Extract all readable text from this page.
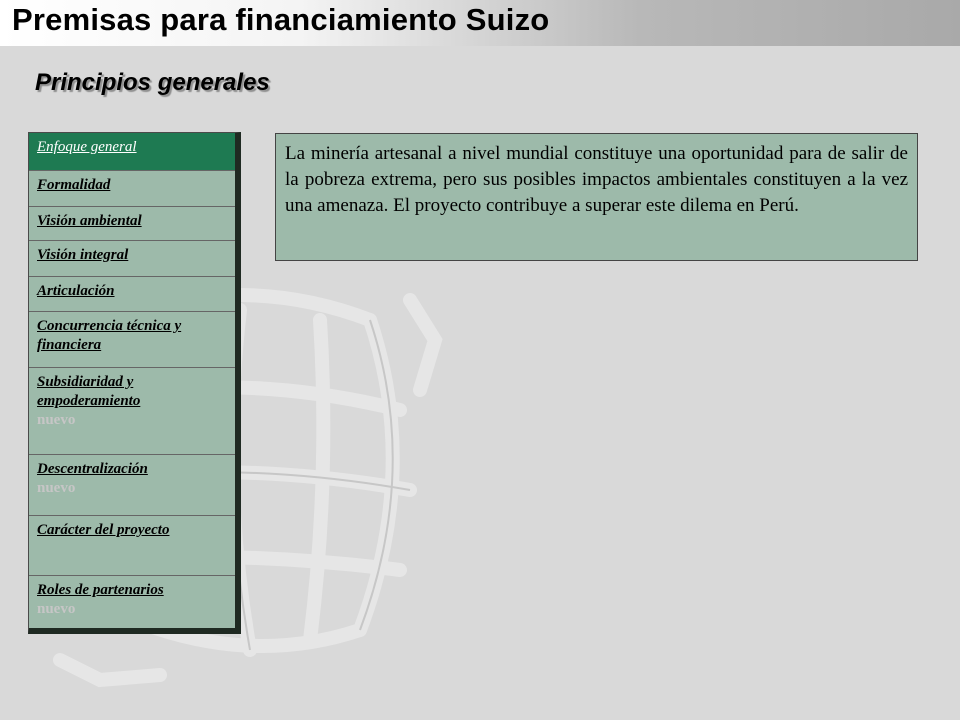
Premisas para financiamiento Suizo
Principios generales
Enfoque general
Formalidad
Visión ambiental
Visión integral
Articulación
Concurrencia técnica y financiera
Subsidiaridad y empoderamiento
nuevo
Descentralización
nuevo
Carácter del proyecto
Roles de partenarios
nuevo
La minería artesanal a nivel mundial constituye una oportunidad para de salir de la pobreza extrema, pero sus posibles impactos ambientales constituyen a la vez una amenaza. El proyecto contribuye a superar este dilema en Perú.
